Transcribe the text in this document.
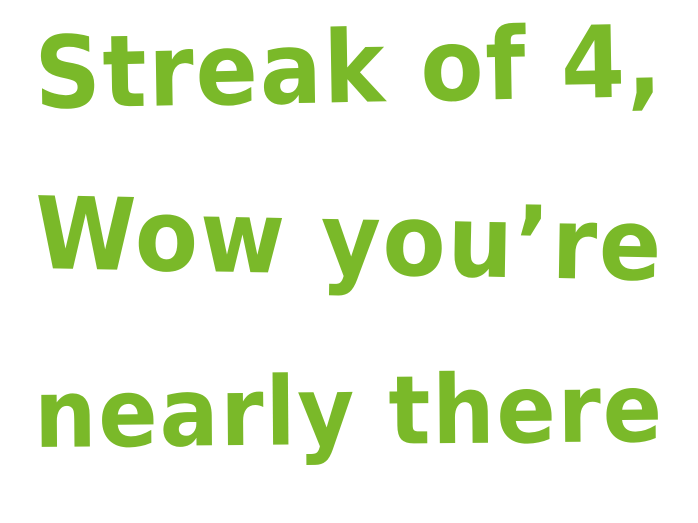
Streak of 4,
Wow you’re
nearly there
